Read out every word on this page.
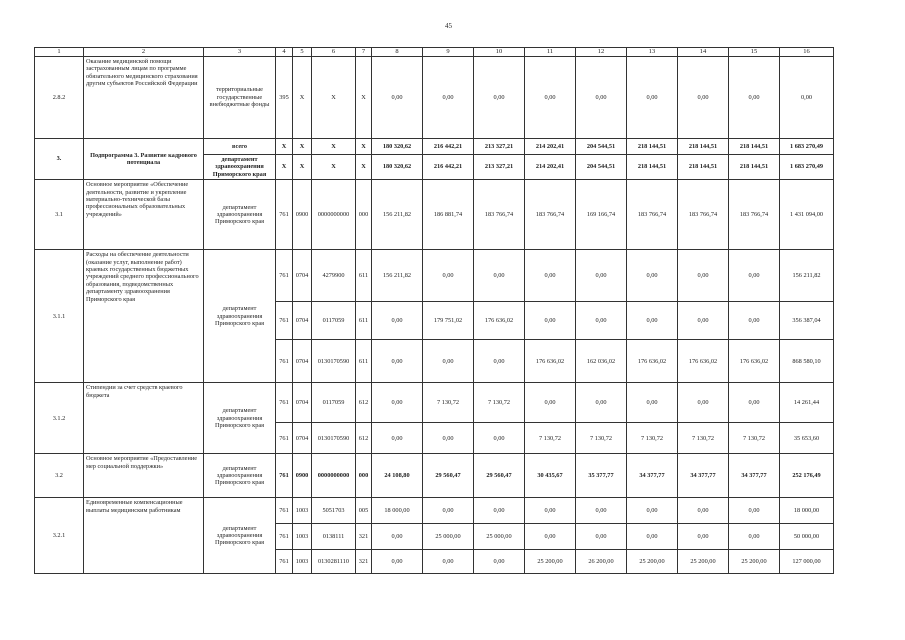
45
1	2	3	4	5	6	7	8	9	10	11	12	13	14	15	16
2.8.2	Оказание медицинской помощи застрахованным лицам по программе обязательного медицинского страхования другим субъектов Российской Федерации	территориальные государственные внебюджетные фонды	395	Х	Х	Х	0,00	0,00	0,00	0,00	0,00	0,00	0,00	0,00	0,00
3.	Подпрограмма 3. Развитие кадрового потенциала	всего	Х	Х	Х	Х	180 320,62	216 442,21	213 327,21	214 202,41	204 544,51	218 144,51	218 144,51	218 144,51	1 683 270,49
		департамент здравоохранения Приморского края	Х	Х	Х	Х	180 320,62	216 442,21	213 327,21	214 202,41	204 544,51	218 144,51	218 144,51	218 144,51	1 683 270,49
3.1	Основное мероприятие «Обеспечение деятельности, развитие и укрепление материально-технической базы профессиональных образовательных учреждений»	департамент здравоохранения Приморского края	761	0900	0000000000	000	156 211,82	186 881,74	183 766,74	183 766,74	169 166,74	183 766,74	183 766,74	183 766,74	1 431 094,00
3.1.1	Расходы на обеспечение деятельности (оказание услуг, выполнение работ) краевых государственных бюджетных учреждений среднего профессионального образования, подведомственных департаменту здравоохранения Приморского края	департамент здравоохранения Приморского края	761	0704	4279900	611	156 211,82	0,00	0,00	0,00	0,00	0,00	0,00	0,00	156 211,82
			761	0704	0117059	611	0,00	179 751,02	176 636,02	0,00	0,00	0,00	0,00	0,00	356 387,04
			761	0704	0130170590	611	0,00	0,00	0,00	176 636,02	162 036,02	176 636,02	176 636,02	176 636,02	868 580,10
3.1.2	Стипендии за счет средств краевого бюджета	департамент здравоохранения Приморского края	761	0704	0117059	612	0,00	7 130,72	7 130,72	0,00	0,00	0,00	0,00	0,00	14 261,44
			761	0704	0130170590	612	0,00	0,00	0,00	7 130,72	7 130,72	7 130,72	7 130,72	7 130,72	35 653,60
3.2	Основное мероприятие «Предоставление мер социальной поддержки»	департамент здравоохранения Приморского края	761	0900	0000000000	000	24 108,80	29 560,47	29 560,47	30 435,67	35 377,77	34 377,77	34 377,77	34 377,77	252 176,49
3.2.1	Единовременные компенсационные выплаты медицинским работникам	департамент здравоохранения Приморского края	761	1003	5051703	005	18 000,00	0,00	0,00	0,00	0,00	0,00	0,00	0,00	18 000,00
			761	1003	0138111	321	0,00	25 000,00	25 000,00	0,00	0,00	0,00	0,00	0,00	50 000,00
			761	1003	0130281110	321	0,00	0,00	0,00	25 200,00	26 200,00	25 200,00	25 200,00	25 200,00	127 000,00
